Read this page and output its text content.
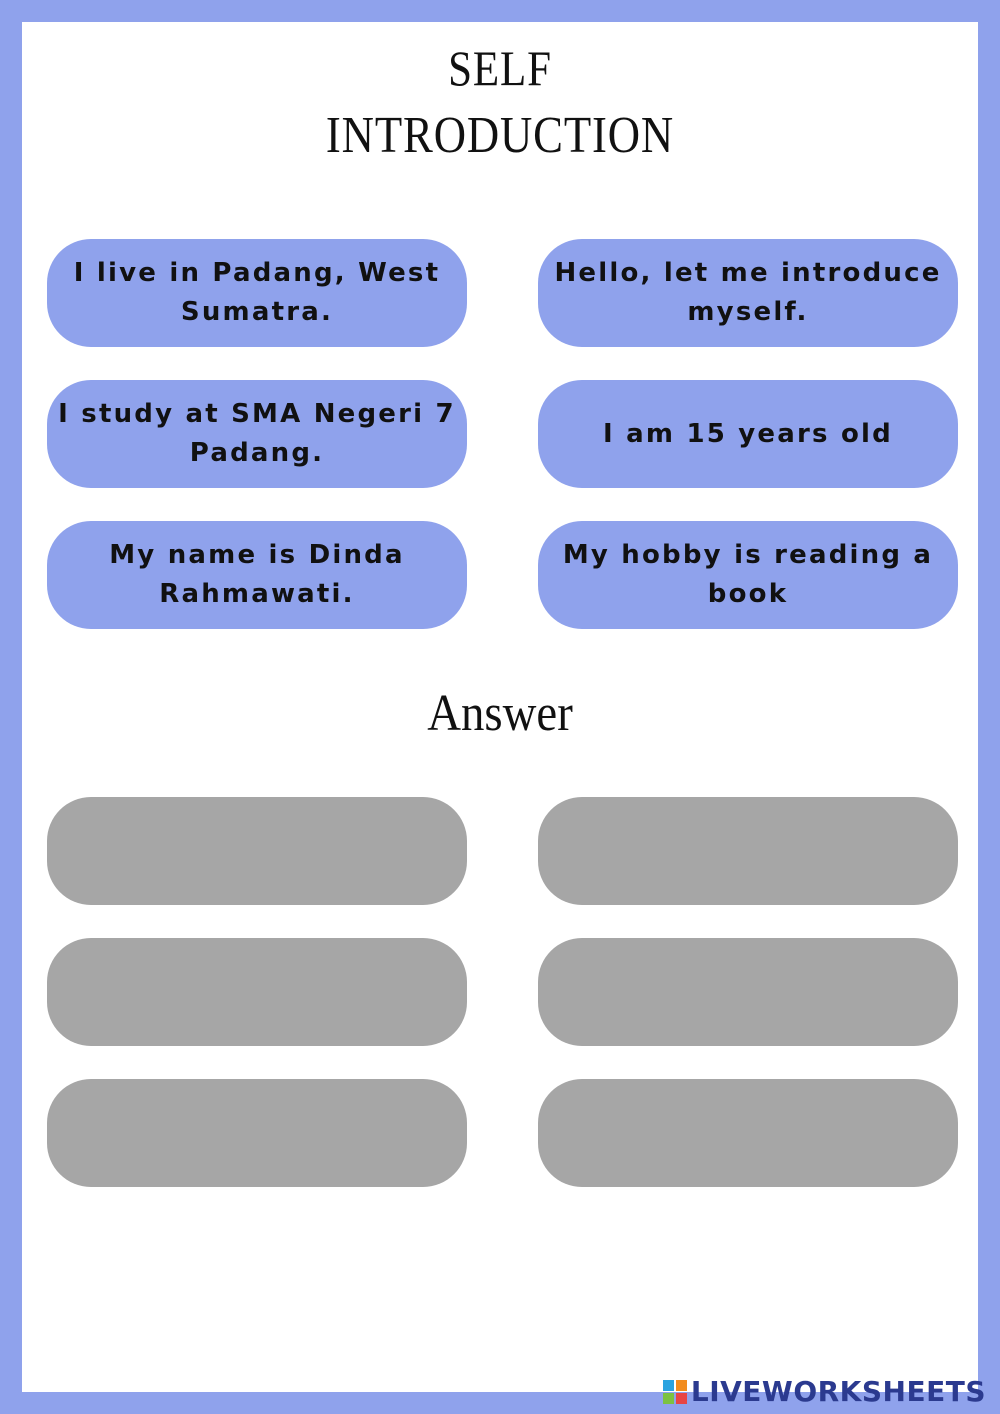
SELF
INTRODUCTION
I live in Padang, West Sumatra.
Hello, let me introduce myself.
I study at SMA Negeri 7 Padang.
I am 15 years old
My name is Dinda Rahmawati.
My hobby is reading a book
Answer
LIVEWORKSHEETS
